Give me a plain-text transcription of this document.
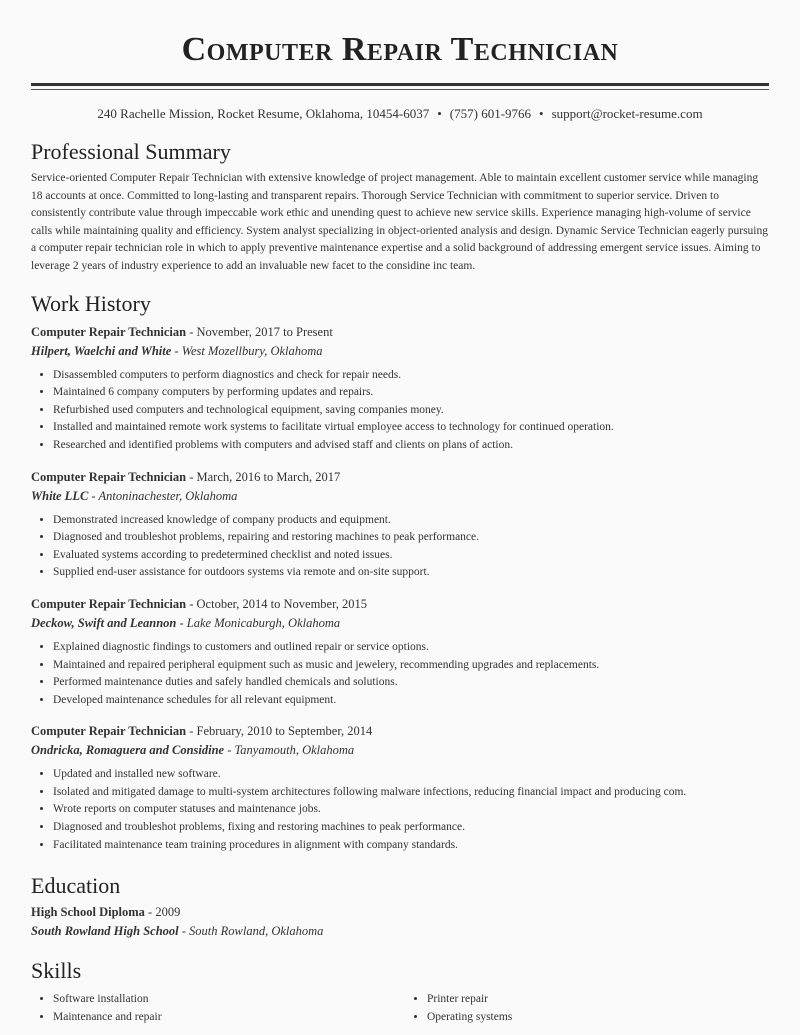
Computer Repair Technician
240 Rachelle Mission, Rocket Resume, Oklahoma, 10454-6037 • (757) 601-9766 • support@rocket-resume.com
Professional Summary

Service-oriented Computer Repair Technician with extensive knowledge of project management. Able to maintain excellent customer service while managing 18 accounts at once. Committed to long-lasting and transparent repairs. Thorough Service Technician with commitment to superior service. Driven to consistently contribute value through impeccable work ethic and unending quest to achieve new service skills. Experience managing high-volume of service calls while maintaining quality and efficiency. System analyst specializing in object-oriented analysis and design. Dynamic Service Technician eagerly pursuing a computer repair technician role in which to apply preventive maintenance expertise and a solid background of addressing emergent service issues. Aiming to leverage 2 years of industry experience to add an invaluable new facet to the considine inc team.

Work History
Computer Repair Technician - November, 2017 to Present
Hilpert, Waelchi and White - West Mozellbury, Oklahoma
• Disassembled computers to perform diagnostics and check for repair needs.
• Maintained 6 company computers by performing updates and repairs.
• Refurbished used computers and technological equipment, saving companies money.
• Installed and maintained remote work systems to facilitate virtual employee access to technology for continued operation.
• Researched and identified problems with computers and advised staff and clients on plans of action.
Computer Repair Technician - March, 2016 to March, 2017
White LLC - Antoninachester, Oklahoma
• Demonstrated increased knowledge of company products and equipment.
• Diagnosed and troubleshot problems, repairing and restoring machines to peak performance.
• Evaluated systems according to predetermined checklist and noted issues.
• Supplied end-user assistance for outdoors systems via remote and on-site support.
Computer Repair Technician - October, 2014 to November, 2015
Deckow, Swift and Leannon - Lake Monicaburgh, Oklahoma
• Explained diagnostic findings to customers and outlined repair or service options.
• Maintained and repaired peripheral equipment such as music and jewelery, recommending upgrades and replacements.
• Performed maintenance duties and safely handled chemicals and solutions.
• Developed maintenance schedules for all relevant equipment.
Computer Repair Technician - February, 2010 to September, 2014
Ondricka, Romaguera and Considine - Tanyamouth, Oklahoma
• Updated and installed new software.
• Isolated and mitigated damage to multi-system architectures following malware infections, reducing financial impact and producing com.
• Wrote reports on computer statuses and maintenance jobs.
• Diagnosed and troubleshot problems, fixing and restoring machines to peak performance.
• Facilitated maintenance team training procedures in alignment with company standards.
Education
High School Diploma - 2009
South Rowland High School - South Rowland, Oklahoma
Skills
• Software installation
• Maintenance and repair
• Printer repair
• Operating systems
